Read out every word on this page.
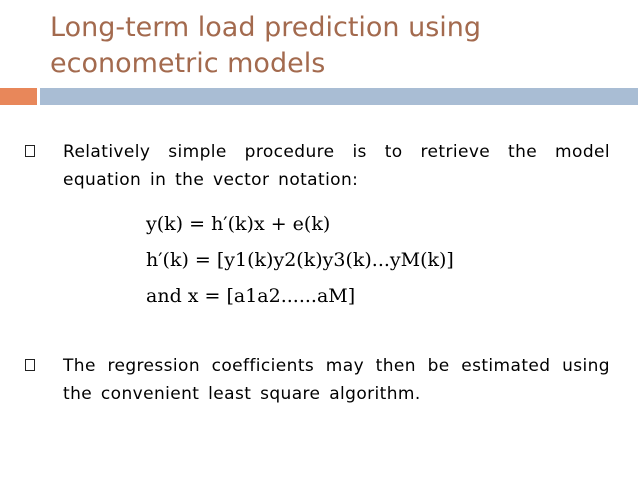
Long-term load prediction using econometric models
Relatively simple procedure is to retrieve the model equation in the vector notation:
y(k) = h′(k)x + e(k)
h′(k) = [y1(k)y2(k)y3(k)...yM(k)]
and x = [a1a2......aM]
The regression coefficients may then be estimated using the convenient least square algorithm.
